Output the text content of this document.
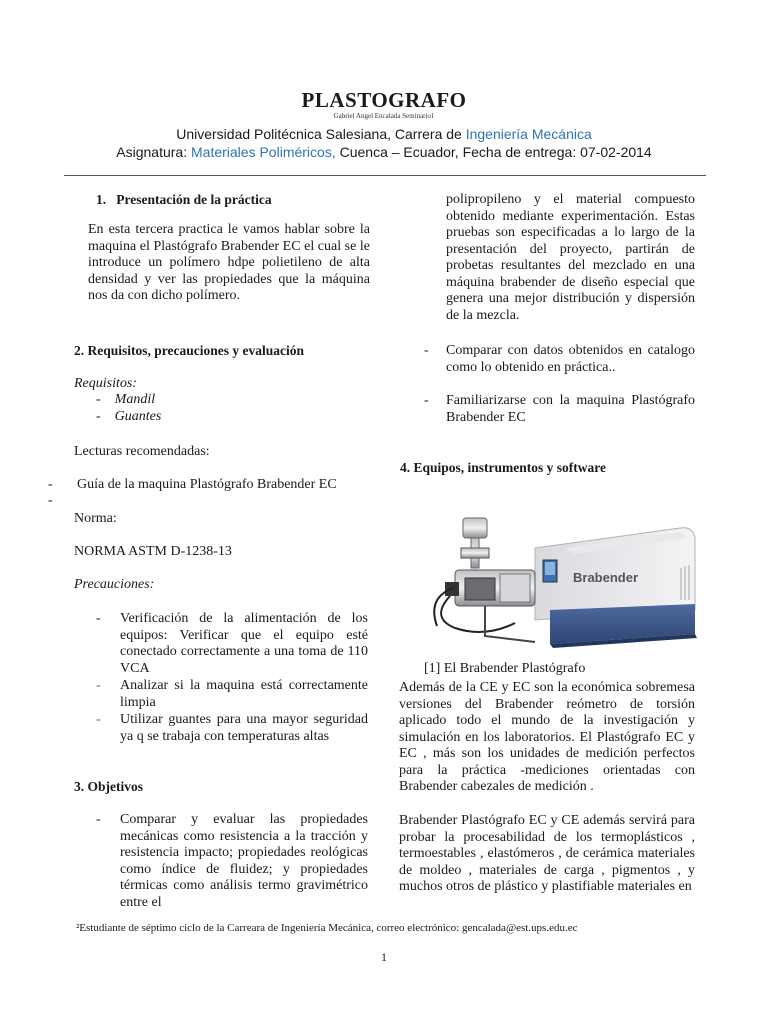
PLASTOGRAFO
Gabriel Angel Encalada Seminario1
Universidad Politécnica Salesiana, Carrera de Ingeniería Mecánica
Asignatura: Materiales Poliméricos, Cuenca – Ecuador, Fecha de entrega: 07-02-2014
1. Presentación de la práctica
En esta tercera practica le vamos hablar sobre la maquina el Plastógrafo Brabender EC el cual se le introduce un polímero hdpe polietileno de alta densidad y ver las propiedades que la máquina nos da con dicho polímero.
2. Requisitos, precauciones y evaluación
Requisitos:
-    Mandil
-    Guantes
Lecturas recomendadas:
- Guía de la maquina Plastógrafo Brabender EC
-
Norma:
NORMA ASTM D-1238-13
Precauciones:
- Verificación de la alimentación de los equipos: Verificar que el equipo esté conectado correctamente a una toma de 110 VCA
- Analizar si la maquina está correctamente limpia
- Utilizar guantes para una mayor seguridad ya q se trabaja con temperaturas altas
3. Objetivos
- Comparar y evaluar las propiedades mecánicas como resistencia a la tracción y resistencia impacto; propiedades reológicas como índice de fluidez; y propiedades térmicas como análisis termo gravimétrico entre el
polipropileno y el material compuesto obtenido mediante experimentación. Estas pruebas son especificadas a lo largo de la presentación del proyecto, partirán de probetas resultantes del mezclado en una máquina brabender de diseño especial que genera una mejor distribución y dispersión de la mezcla.
- Comparar con datos obtenidos en catalogo como lo obtenido en práctica..
- Familiarizarse con la maquina Plastógrafo Brabender EC
4. Equipos, instrumentos y software
Brabender
[1] El Brabender Plastógrafo
Además de la CE y EC son la económica sobremesa versiones del Brabender reómetro de torsión aplicado todo el mundo de la investigación y simulación en los laboratorios. El Plastógrafo EC y EC , más son los unidades de medición perfectos para la práctica -mediciones orientadas con Brabender cabezales de medición .
Brabender Plastógrafo EC y CE además servirá para probar la procesabilidad de los termoplásticos , termoestables , elastómeros , de cerámica materiales de moldeo , materiales de carga , pigmentos , y muchos otros de plástico y plastifiable materiales en
²Estudiante de séptimo ciclo de la Carreara de Ingeniería Mecánica, correo electrónico: gencalada@est.ups.edu.ec
1
